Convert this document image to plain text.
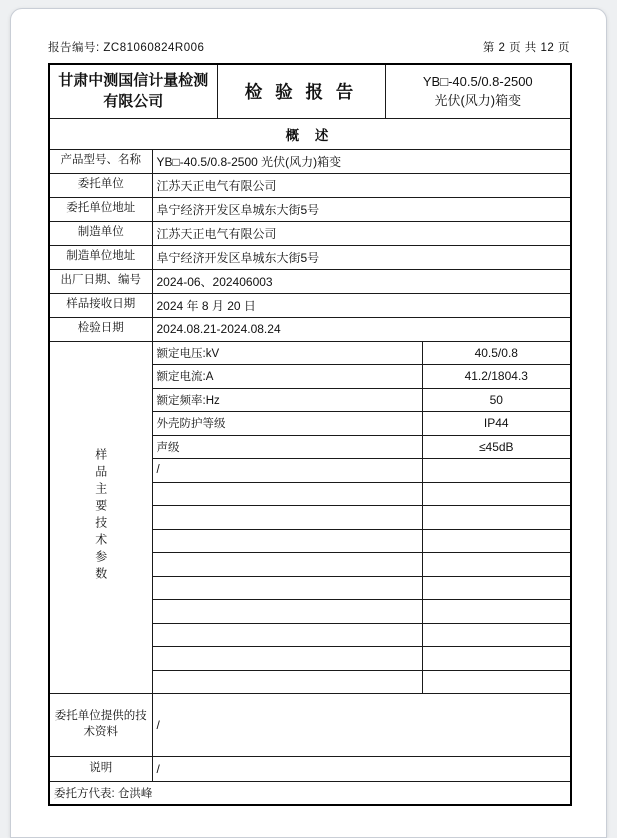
报告编号: ZC81060824R006	第 2 页 共 12 页
甘肃中测国信计量检测有限公司		检 验 报 告	YB□-40.5/0.8-2500
光伏(风力)箱变	

概 述				
产品型号、名称	YB□-40.5/0.8-2500 光伏(风力)箱变			
委托单位	江苏天正电气有限公司			
委托单位地址	阜宁经济开发区阜城东大街5号			
制造单位	江苏天正电气有限公司			
制造单位地址	阜宁经济开发区阜城东大街5号			
出厂日期、编号	2024-06、202406003			
样品接收日期	2024 年 8 月 20 日			
检验日期	2024.08.21-2024.08.24			
样品主要技术参数	额定电压:kV			40.5/0.8
	额定电流:A			41.2/1804.3
	额定频率:Hz			50
	外壳防护等级			IP44
	声级			≤45dB
	/			

委托单位提供的技术资料	/			
说明	/			
委托方代表: 仓洪峰				
